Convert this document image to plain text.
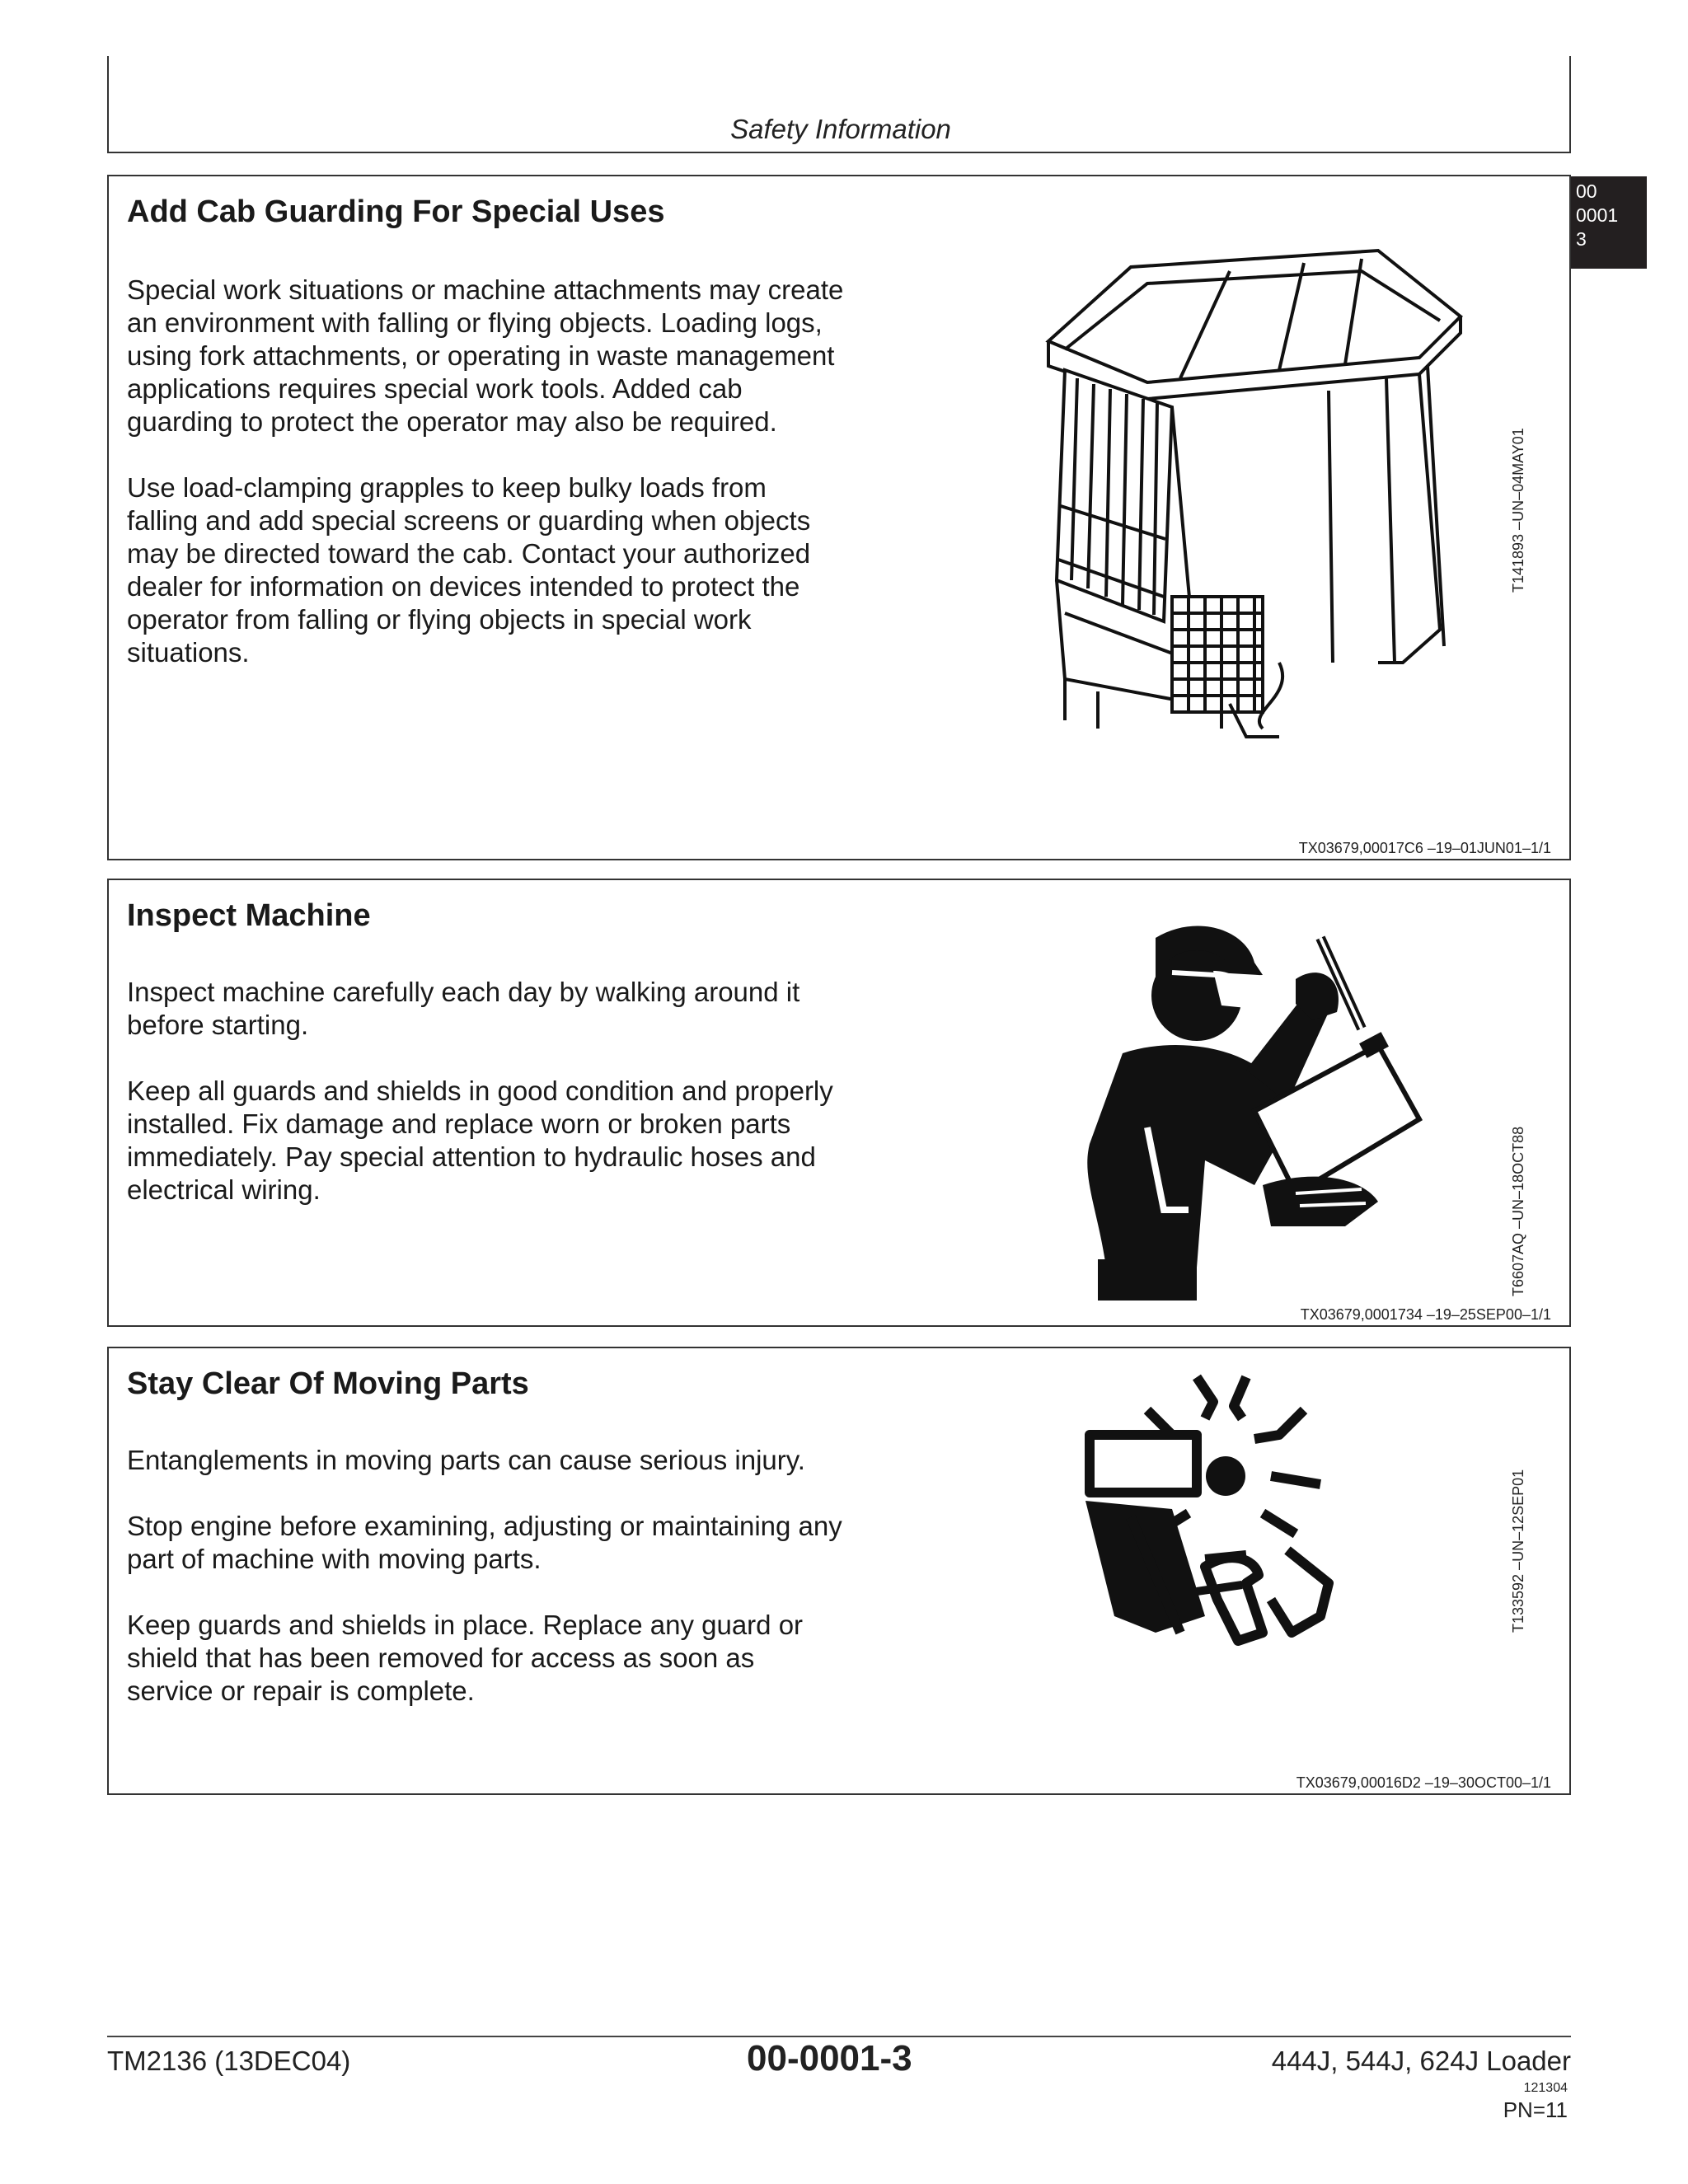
Safety Information
00
0001
3
Add Cab Guarding For Special Uses

Special work situations or machine attachments may create an environment with falling or flying objects. Loading logs, using fork attachments, or operating in waste management applications requires special work tools. Added cab guarding to protect the operator may also be required.

Use load-clamping grapples to keep bulky loads from falling and add special screens or guarding when objects may be directed toward the cab. Contact your authorized dealer for information on devices intended to protect the operator from falling or flying objects in special work situations.

T141893 –UN–04MAY01
TX03679,00017C6 –19–01JUN01–1/1
Inspect Machine

Inspect machine carefully each day by walking around it before starting.

Keep all guards and shields in good condition and properly installed. Fix damage and replace worn or broken parts immediately. Pay special attention to hydraulic hoses and electrical wiring.	T6607AQ –UN–18OCT88
TX03679,0001734 –19–25SEP00–1/1
Stay Clear Of Moving Parts

Entanglements in moving parts can cause serious injury.

Stop engine before examining, adjusting or maintaining any part of machine with moving parts.

Keep guards and shields in place. Replace any guard or shield that has been removed for access as soon as service or repair is complete.

T133592 –UN–12SEP01
TX03679,00016D2 –19–30OCT00–1/1
TM2136 (13DEC04)	00-0001-3	444J, 544J, 624J Loader
121304
PN=11
